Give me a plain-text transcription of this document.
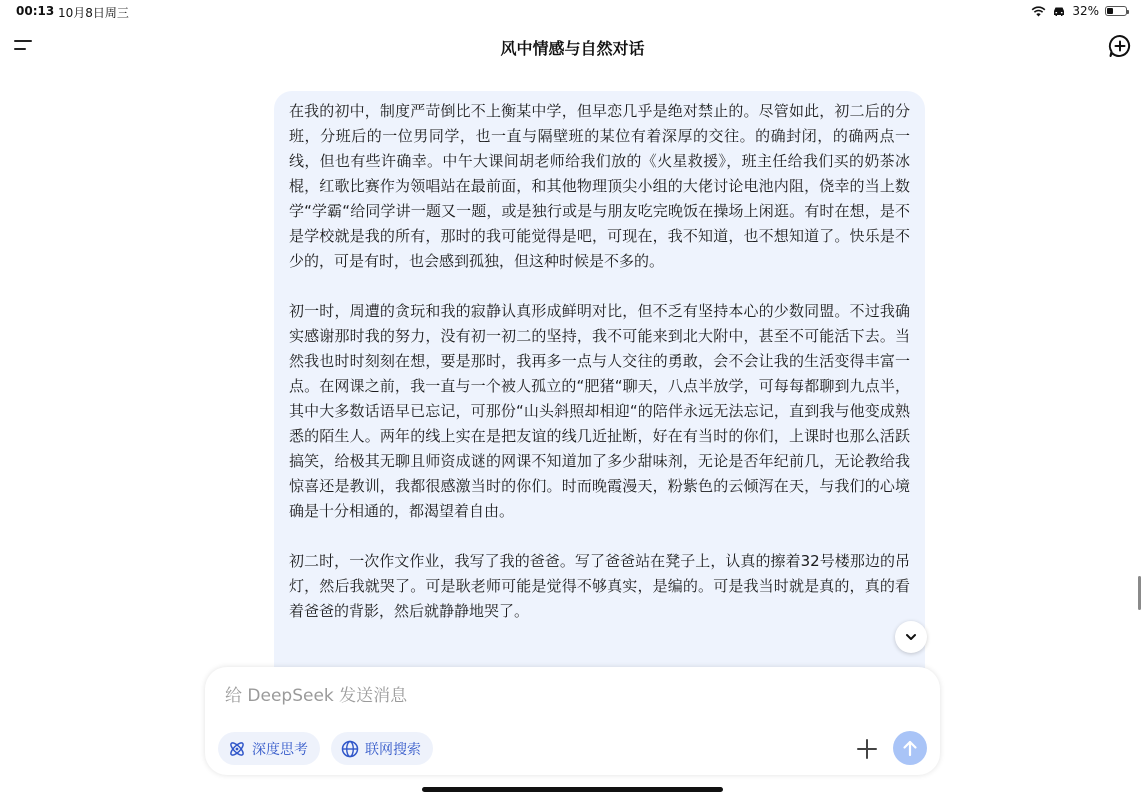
00:13 10月8日周三	32%
风中情感与自然对话

在我的初中，制度严苛倒比不上衡某中学，但早恋几乎是绝对禁止的。尽管如此，初二后的分班，分班后的一位男同学，也一直与隔壁班的某位有着深厚的交往。的确封闭，的确两点一线，但也有些许确幸。中午大课间胡老师给我们放的《火星救援》，班主任给我们买的奶茶冰棍，红歌比赛作为领唱站在最前面，和其他物理顶尖小组的大佬讨论电池内阻，侥幸的当上数学“学霸“给同学讲一题又一题，或是独行或是与朋友吃完晚饭在操场上闲逛。有时在想，是不是学校就是我的所有，那时的我可能觉得是吧，可现在，我不知道，也不想知道了。快乐是不少的，可是有时，也会感到孤独，但这种时候是不多的。

初一时，周遭的贪玩和我的寂静认真形成鲜明对比，但不乏有坚持本心的少数同盟。不过我确实感谢那时我的努力，没有初一初二的坚持，我不可能来到北大附中，甚至不可能活下去。当然我也时时刻刻在想，要是那时，我再多一点与人交往的勇敢，会不会让我的生活变得丰富一点。在网课之前，我一直与一个被人孤立的“肥猪“聊天，八点半放学，可每每都聊到九点半，其中大多数话语早已忘记，可那份“山头斜照却相迎“的陪伴永远无法忘记，直到我与他变成熟悉的陌生人。两年的线上实在是把友谊的线几近扯断，好在有当时的你们，上课时也那么活跃搞笑，给极其无聊且师资成谜的网课不知道加了多少甜味剂，无论是否年纪前几，无论教给我惊喜还是教训，我都很感激当时的你们。时而晚霞漫天，粉紫色的云倾泻在天，与我们的心境确是十分相通的，都渴望着自由。

初二时，一次作文作业，我写了我的爸爸。写了爸爸站在凳子上，认真的擦着32号楼那边的吊灯，然后我就哭了。可是耿老师可能是觉得不够真实，是编的。可是我当时就是真的，真的看着爸爸的背影，然后就静静地哭了。

给 DeepSeek 发送消息
深度思考	联网搜索
